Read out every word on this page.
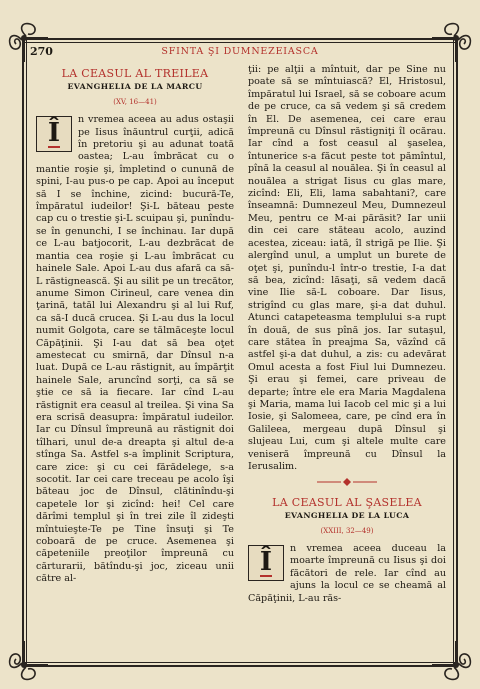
270	SFINTA ŞI DUMNEZEIASCA
LA CEASUL AL TREILEA
EVANGHELIA DE LA MARCU
(XV, 16—41)

Î n vremea aceea au adus ostaşii pe Iisus înăuntrul curţii, adică în pretoriu şi au adunat toată oastea; L-au îmbrăcat cu o mantie roşie şi, împletind o cunună de spini, I-au pus-o pe cap. Apoi au început să I se închine, zicind: bucură-Te, împăratul iudeilor! Şi-L băteau peste cap cu o trestie şi-L scuipau şi, punîndu-se în genunchi, I se închinau. Iar după ce L-au batjocorit, L-au dezbrăcat de mantia cea roşie şi L-au îmbrăcat cu hainele Sale. Apoi L-au dus afară ca să-L răstignească. Şi au silit pe un trecător, anume Simon Cirineul, care venea din ţarină, tatăl lui Alexandru şi al lui Ruf, ca să-I ducă crucea. Şi L-au dus la locul numit Golgota, care se tălmăceşte locul Căpăţinii. Şi I-au dat să bea oţet amestecat cu smirnă, dar Dînsul n-a luat. După ce L-au răstignit, au împărţit hainele Sale, aruncînd sorţi, ca să se ştie ce să ia fiecare. Iar cînd L-au răstignit era ceasul al treilea. Şi vina Sa era scrisă deasupra: împăratul iudeilor. Iar cu Dînsul împreună au răstignit doi tîlhari, unul de-a dreapta şi altul de-a stînga Sa. Astfel s-a împlinit Scriptura, care zice: şi cu cei fărădelege, s-a socotit. Iar cei care treceau pe acolo îşi băteau joc de Dînsul, clătinîndu-şi capetele lor şi zicînd: hei! Cel care dărîmi templul şi în trei zile îl zideşti mîntuieşte-Te pe Tine însuţi şi Te coboară de pe cruce. Asemenea şi căpeteniile preoţilor împreună cu cărturarii, bătîndu-şi joc, ziceau unii către al-

ţii: pe alţii a mîntuit, dar pe Sine nu poate să se mîntuiască? El, Hristosul, împăratul lui Israel, să se coboare acum de pe cruce, ca să vedem şi să credem în El. De asemenea, cei care erau împreună cu Dînsul răstigniţi îl ocărau. Iar cînd a fost ceasul al şaselea, întunerice s-a făcut peste tot pămîntul, pînă la ceasul al nouălea. Şi în ceasul al nouălea a strigat Iisus cu glas mare, zicînd: Eli, Eli, lama sabahtani?, care înseamnă: Dumnezeul Meu, Dumnezeul Meu, pentru ce M-ai părăsit? Iar unii din cei care stăteau acolo, auzind acestea, ziceau: iată, îl strigă pe Ilie. Şi alergînd unul, a umplut un burete de oţet şi, punîndu-l într-o trestie, I-a dat să bea, zicînd: lăsaţi, să vedem dacă vine Ilie să-L coboare. Dar Iisus, strigînd cu glas mare, şi-a dat duhul. Atunci catapeteasma templului s-a rupt în două, de sus pînă jos. Iar sutaşul, care stătea în preajma Sa, văzînd că astfel şi-a dat duhul, a zis: cu adevărat Omul acesta a fost Fiul lui Dumnezeu. Şi erau şi femei, care priveau de departe; între ele era Maria Magdalena şi Maria, mama lui Iacob cel mic şi a lui Iosie, şi Salomeea, care, pe cînd era în Galileea, mergeau după Dînsul şi slujeau Lui, cum şi altele multe care veniseră împreună cu Dînsul la Ierusalim.

LA CEASUL AL ŞASELEA
EVANGHELIA DE LA LUCA
(XXIII, 32—49)

Î n vremea aceea duceau la moarte împreună cu Iisus şi doi făcători de rele. Iar cînd au ajuns la locul ce se cheamă al Căpăţinii, L-au răs-
